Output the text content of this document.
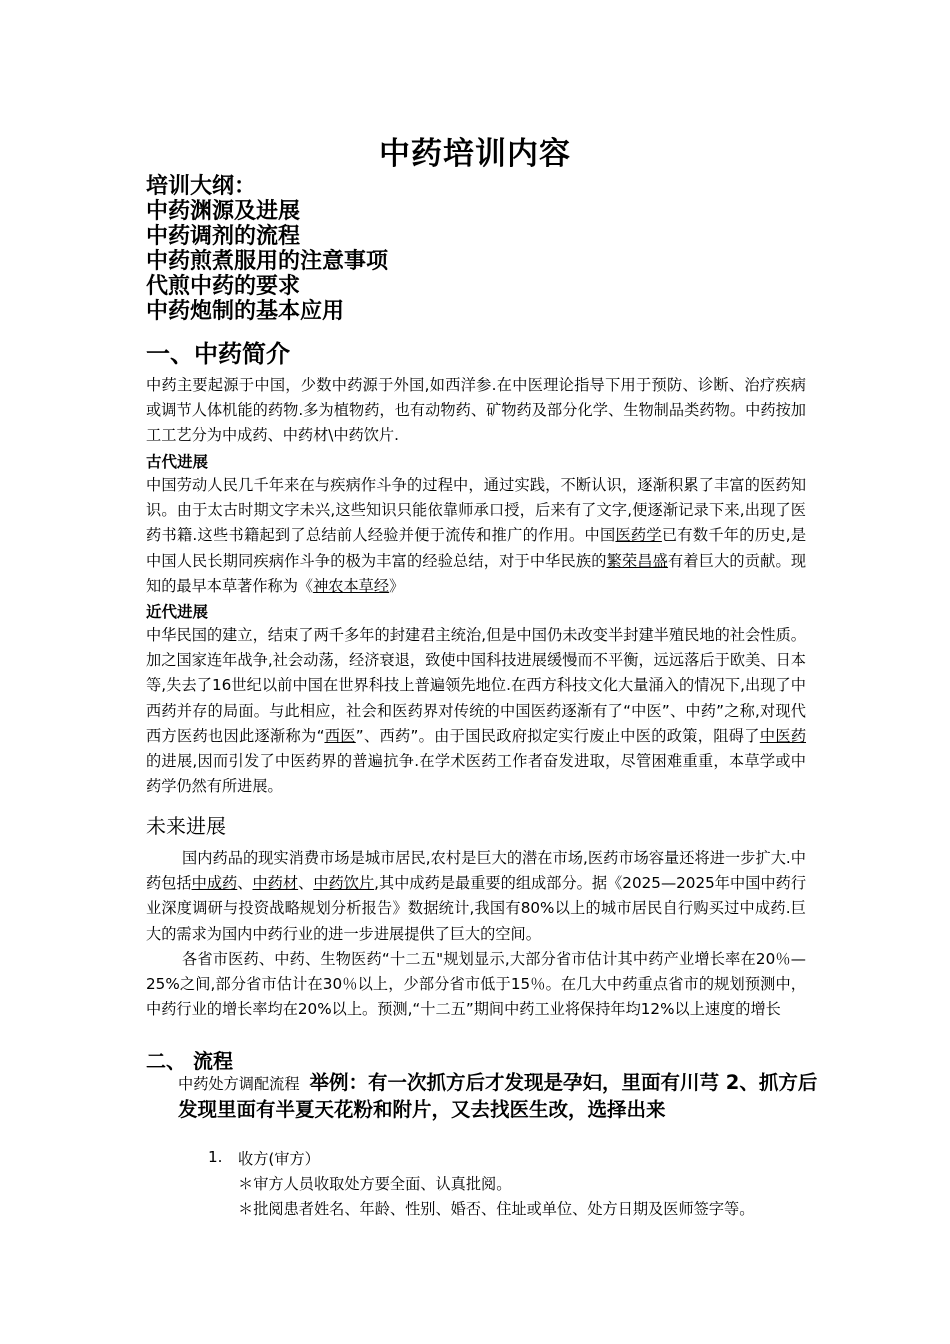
中药培训内容
培训大纲：
中药渊源及进展
中药调剂的流程
中药煎煮服用的注意事项
代煎中药的要求
中药炮制的基本应用
一、中药简介
中药主要起源于中国，少数中药源于外国,如西洋参.在中医理论指导下用于预防、诊断、治疗疾病或调节人体机能的药物.多为植物药，也有动物药、矿物药及部分化学、生物制品类药物。中药按加工工艺分为中成药、中药材\中药饮片.
古代进展
中国劳动人民几千年来在与疾病作斗争的过程中，通过实践，不断认识，逐渐积累了丰富的医药知识。由于太古时期文字未兴,这些知识只能依靠师承口授，后来有了文字,便逐渐记录下来,出现了医药书籍.这些书籍起到了总结前人经验并便于流传和推广的作用。中国医药学已有数千年的历史,是中国人民长期同疾病作斗争的极为丰富的经验总结，对于中华民族的繁荣昌盛有着巨大的贡献。现知的最早本草著作称为《神农本草经》
近代进展
中华民国的建立，结束了两千多年的封建君主统治,但是中国仍未改变半封建半殖民地的社会性质。加之国家连年战争,社会动荡，经济衰退，致使中国科技进展缓慢而不平衡，远远落后于欧美、日本等,失去了16世纪以前中国在世界科技上普遍领先地位.在西方科技文化大量涌入的情况下,出现了中西药并存的局面。与此相应，社会和医药界对传统的中国医药逐渐有了“中医”、中药”之称,对现代西方医药也因此逐渐称为“西医”、西药”。由于国民政府拟定实行废止中医的政策，阻碍了中医药的进展,因而引发了中医药界的普遍抗争.在学术医药工作者奋发进取，尽管困难重重，本草学或中药学仍然有所进展。
未来进展
国内药品的现实消费市场是城市居民,农村是巨大的潜在市场,医药市场容量还将进一步扩大.中药包括中成药、中药材、中药饮片,其中成药是最重要的组成部分。据《2025—2025年中国中药行业深度调研与投资战略规划分析报告》数据统计,我国有80%以上的城市居民自行购买过中成药.巨大的需求为国内中药行业的进一步进展提供了巨大的空间。
各省市医药、中药、生物医药“十二五"规划显示,大部分省市估计其中药产业增长率在20％—25%之间,部分省市估计在30％以上，少部分省市低于15％。在几大中药重点省市的规划预测中，中药行业的增长率均在20%以上。预测,“十二五”期间中药工业将保持年均12%以上速度的增长
二、 流程
中药处方调配流程 举例：有一次抓方后才发现是孕妇，里面有川芎 2、抓方后发现里面有半夏天花粉和附片，又去找医生改，选择出来
1. 收方(审方）
＊审方人员收取处方要全面、认真批阅。
＊批阅患者姓名、年龄、性别、婚否、住址或单位、处方日期及医师签字等。
